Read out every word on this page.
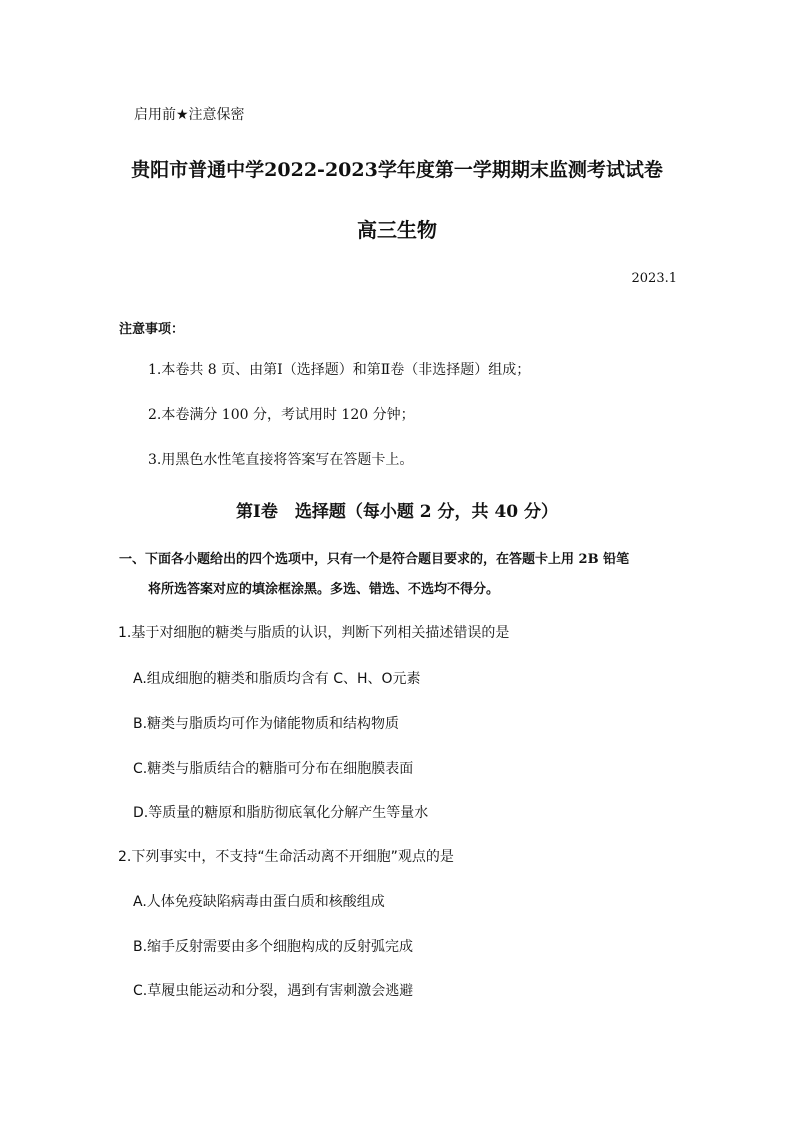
启用前★注意保密
贵阳市普通中学2022-2023学年度第一学期期末监测考试试卷
高三生物
2023.1
注意事项：
1.本卷共 8 页、由第Ⅰ（选择题）和第Ⅱ卷（非选择题）组成；
2.本卷满分 100 分，考试用时 120 分钟；
3.用黑色水性笔直接将答案写在答题卡上。
第Ⅰ卷　选择题（每小题 2 分，共 40 分）
一、下面各小题给出的四个选项中，只有一个是符合题目要求的，在答题卡上用 2B 铅笔
将所选答案对应的填涂框涂黑。多选、错选、不选均不得分。
1.基于对细胞的糖类与脂质的认识，判断下列相关描述错误的是
A.组成细胞的糖类和脂质均含有 C、H、O元素
B.糖类与脂质均可作为储能物质和结构物质
C.糖类与脂质结合的糖脂可分布在细胞膜表面
D.等质量的糖原和脂肪彻底氧化分解产生等量水
2.下列事实中，不支持“生命活动离不开细胞”观点的是
A.人体免疫缺陷病毒由蛋白质和核酸组成
B.缩手反射需要由多个细胞构成的反射弧完成
C.草履虫能运动和分裂，遇到有害刺激会逃避
